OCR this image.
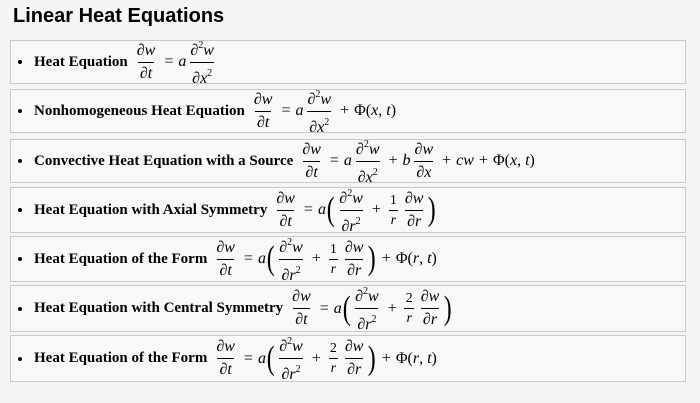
Linear Heat Equations
Heat Equation $\frac{\partial w}{\partial t} = a \frac{\partial^2w}{\partial x^2}$
Nonhomogeneous Heat Equation $\frac{\partial w}{\partial t} = a \frac{\partial^2w}{\partial x^2} + \Phi$( x , t )
Convective Heat Equation with a Source $\frac{\partial w}{\partial t} = a \frac{\partial^2w}{\partial x^2} + b \frac{\partial w}{\partial x}$ + cw + Φ( x , t )
Heat Equation with Axial Symmetry $\frac{\partial w}{\partial t} = a$ ( $\frac{\partial^2w}{\partial r^2} + \frac{1}{r} \frac{\partial w}{\partial r}$ )
Heat Equation of the Form $\frac{\partial w}{\partial t} = a$ ( $\frac{\partial^2w}{\partial r^2} + \frac{1}{r} \frac{\partial w}{\partial r}$ ) + Φ( r , t )
Heat Equation with Central Symmetry $\frac{\partial w}{\partial t} = a$ ( $\frac{\partial^2w}{\partial r^2} + \frac{2}{r} \frac{\partial w}{\partial r}$ )
Heat Equation of the Form $\frac{\partial w}{\partial t} = a$ ( $\frac{\partial^2w}{\partial r^2} + \frac{2}{r} \frac{\partial w}{\partial r}$ ) + Φ( r , t )
